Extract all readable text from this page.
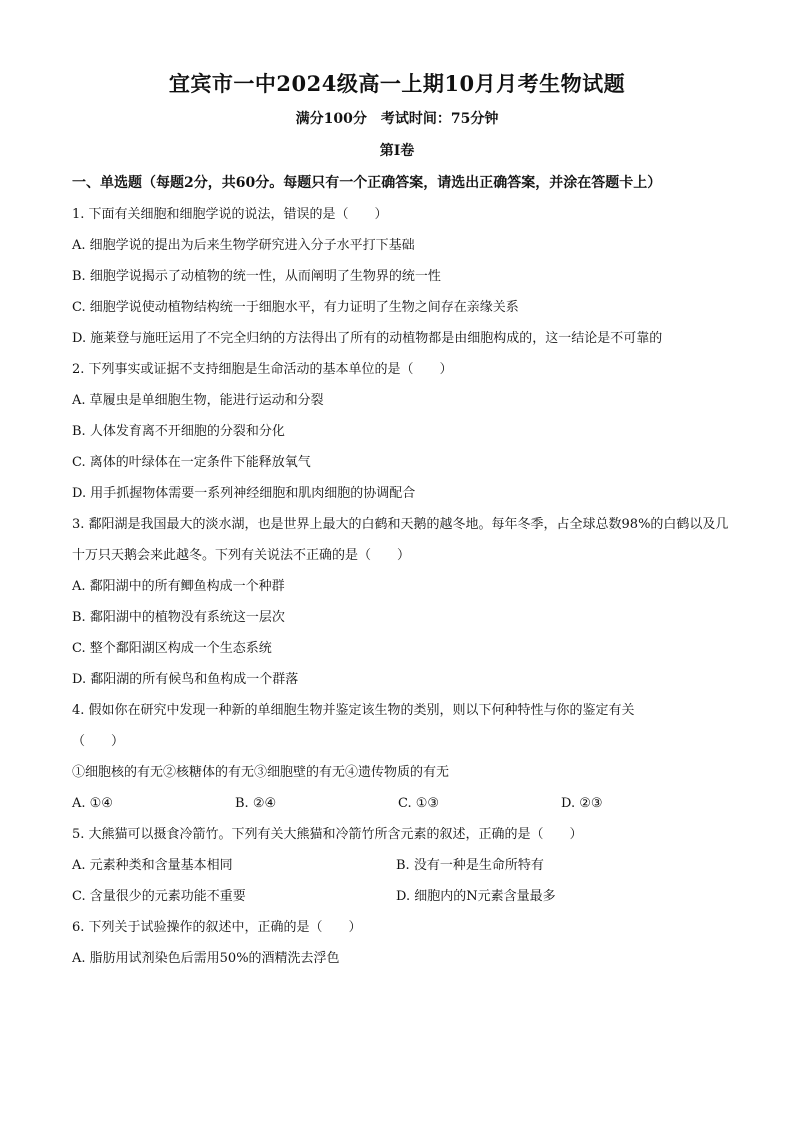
宜宾市一中2024级高一上期10月月考生物试题
满分100分 考试时间：75分钟
第Ⅰ卷
一、单选题（每题2分，共60分。每题只有一个正确答案，请选出正确答案，并涂在答题卡上）
1. 下面有关细胞和细胞学说的说法，错误的是（　　）
A. 细胞学说的提出为后来生物学研究进入分子水平打下基础
B. 细胞学说揭示了动植物的统一性，从而阐明了生物界的统一性
C. 细胞学说使动植物结构统一于细胞水平，有力证明了生物之间存在亲缘关系
D. 施莱登与施旺运用了不完全归纳的方法得出了所有的动植物都是由细胞构成的，这一结论是不可靠的
2. 下列事实或证据不支持细胞是生命活动的基本单位的是（　　）
A. 草履虫是单细胞生物，能进行运动和分裂
B. 人体发育离不开细胞的分裂和分化
C. 离体的叶绿体在一定条件下能释放氧气
D. 用手抓握物体需要一系列神经细胞和肌肉细胞的协调配合
3. 鄱阳湖是我国最大的淡水湖，也是世界上最大的白鹤和天鹅的越冬地。每年冬季，占全球总数98%的白鹤以及几十万只天鹅会来此越冬。下列有关说法不正确的是（　　）
A. 鄱阳湖中的所有鲫鱼构成一个种群
B. 鄱阳湖中的植物没有系统这一层次
C. 整个鄱阳湖区构成一个生态系统
D. 鄱阳湖的所有候鸟和鱼构成一个群落
4. 假如你在研究中发现一种新的单细胞生物并鉴定该生物的类别，则以下何种特性与你的鉴定有关
（　　）
①细胞核的有无②核糖体的有无③细胞壁的有无④遗传物质的有无
A. ①④	B. ②④	C. ①③	D. ②③
5. 大熊猫可以摄食冷箭竹。下列有关大熊猫和冷箭竹所含元素的叙述，正确的是（　　）
A. 元素种类和含量基本相同	B. 没有一种是生命所特有
C. 含量很少的元素功能不重要	D. 细胞内的N元素含量最多
6. 下列关于试验操作的叙述中，正确的是（　　）
A. 脂肪用试剂染色后需用50%的酒精洗去浮色
